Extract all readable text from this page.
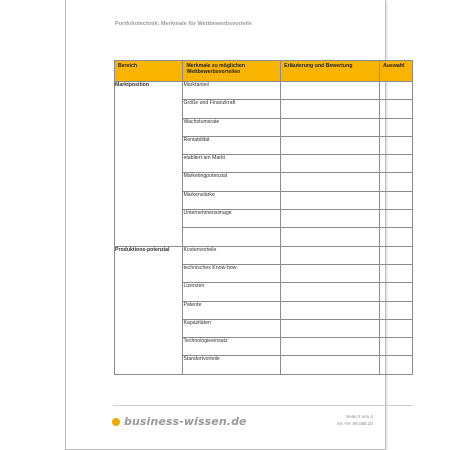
Portfoliotechnik: Merkmale für Wettbewerbsvorteile
Bereich	Merkmale zu möglichen Wettbewerbsvorteilen	Erläuterung und Bewertung	Auswahl
Marktposition	Marktanteil		
	Größe und Finanzkraft		
	Wachstumsrate		
	Rentabilität		
	etabliert am Markt		
	Marketingpotenzial		
	Markenstärke		
	Unternehmensimage		

Produktions-potenzial	Kostenvorteile		
	technisches Know-how		
	Lizenzen		
	Patente		
	Kapazitäten		
	Technologieeinsatz		
	Standortvorteile		
business-wissen.de	Seite 2 von 4
Art.-Nr. 99.058.20
